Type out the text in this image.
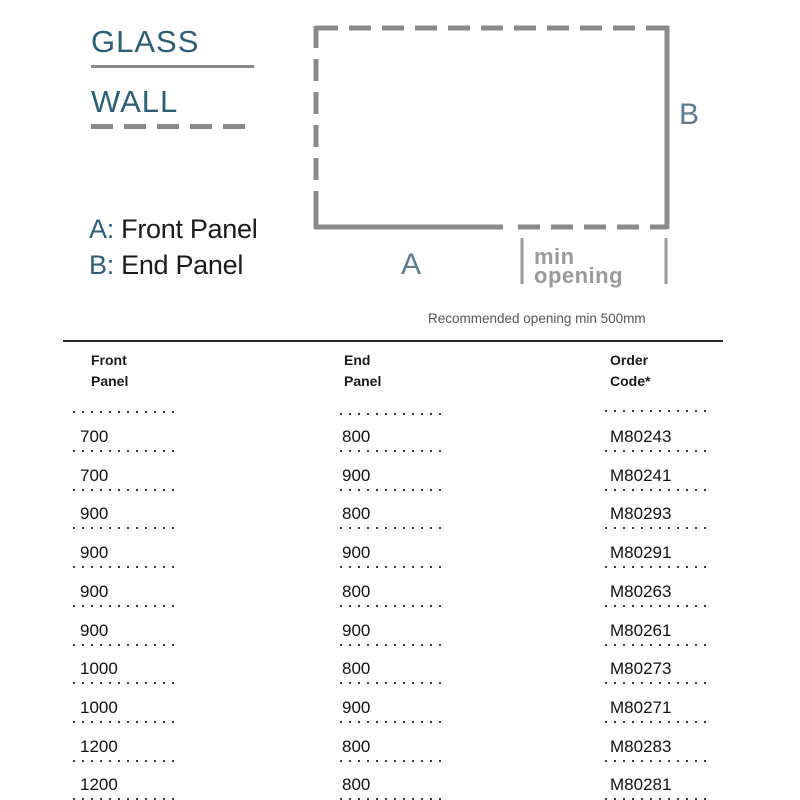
GLASS
WALL
A: Front Panel
B: End Panel
B
A	min
opening
Recommended opening min 500mm
Front
Panel
End
Panel
Order
Code*
700	800	M80243
700	900	M80241
900	800	M80293
900	900	M80291
900	800	M80263
900	900	M80261
1000	800	M80273
1000	900	M80271
1200	800	M80283
1200	800	M80281
